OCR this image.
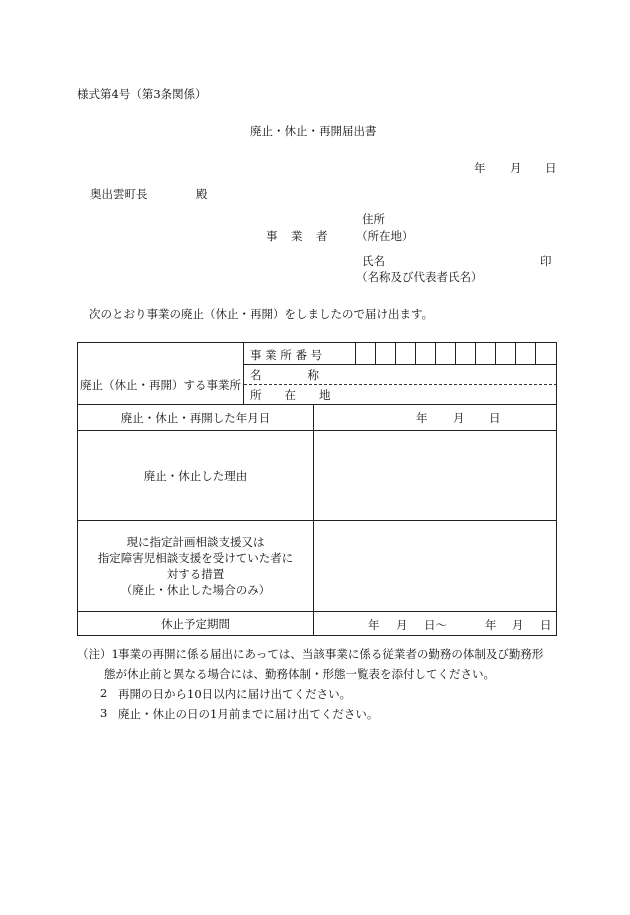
様式第4号（第3条関係）
廃止・休止・再開届出書
年 月 日
奥出雲町長	殿
住所
事　業　者 （所在地）
氏名	印
（名称及び代表者氏名）
次のとおり事業の廃止（休止・再開）をしましたので届け出ます。
事 業 所 番 号
廃止（休止・再開）する事業所
名　　　　称
所　　在　　地
廃止・休止・再開した年月日	年 月 日
廃止・休止した理由
現に指定計画相談支援又は
指定障害児相談支援を受けていた者に
対する措置
（廃止・休止した場合のみ）
休止予定期間	年 月 日〜	年 月 日
（注）1 事業の再開に係る届出にあっては、当該事業に係る従業者の勤務の体制及び勤務形
態が休止前と異なる場合には、勤務体制・形態一覧表を添付してください。
2 再開の日から10日以内に届け出てください。
3 廃止・休止の日の1月前までに届け出てください。
